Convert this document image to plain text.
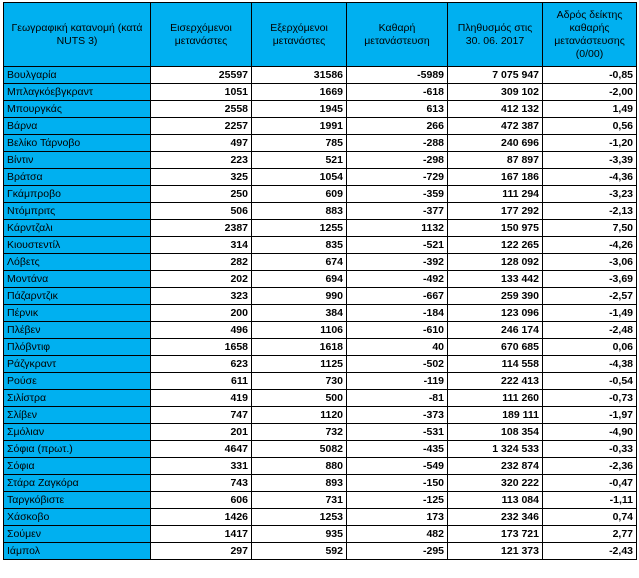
Γεωγραφική κατανομή (κατά NUTS 3)	Εισερχόμενοι μετανάστες	Εξερχόμενοι μετανάστες	Καθαρή μετανάστευση	Πληθυσμός στις 30. 06. 2017	Αδρός δείκτης καθαρής μετανάστευσης (0/00)
Βουλγαρία	25597	31586	-5989	7 075 947	-0,85
Μπλαγκόεβγκραντ	1051	1669	-618	309 102	-2,00
Μπουργκάς	2558	1945	613	412 132	1,49
Βάρνα	2257	1991	266	472 387	0,56
Βελίκο Τάρνοβο	497	785	-288	240 696	-1,20
Βίντιν	223	521	-298	87 897	-3,39
Βράτσα	325	1054	-729	167 186	-4,36
Γκάμπροβο	250	609	-359	111 294	-3,23
Ντόμπριτς	506	883	-377	177 292	-2,13
Κάρντζαλι	2387	1255	1132	150 975	7,50
Κιουστεντίλ	314	835	-521	122 265	-4,26
Λόβετς	282	674	-392	128 092	-3,06
Μοντάνα	202	694	-492	133 442	-3,69
Πάζαρντζικ	323	990	-667	259 390	-2,57
Πέρνικ	200	384	-184	123 096	-1,49
Πλέβεν	496	1106	-610	246 174	-2,48
Πλόβντιφ	1658	1618	40	670 685	0,06
Ράζγκραντ	623	1125	-502	114 558	-4,38
Ρούσε	611	730	-119	222 413	-0,54
Σιλίστρα	419	500	-81	111 260	-0,73
Σλίβεν	747	1120	-373	189 111	-1,97
Σμόλιαν	201	732	-531	108 354	-4,90
Σόφια (πρωτ.)	4647	5082	-435	1 324 533	-0,33
Σόφια	331	880	-549	232 874	-2,36
Στάρα Ζαγκόρα	743	893	-150	320 222	-0,47
Ταργκόβιστε	606	731	-125	113 084	-1,11
Χάσκοβο	1426	1253	173	232 346	0,74
Σούμεν	1417	935	482	173 721	2,77
Ιάμπολ	297	592	-295	121 373	-2,43
